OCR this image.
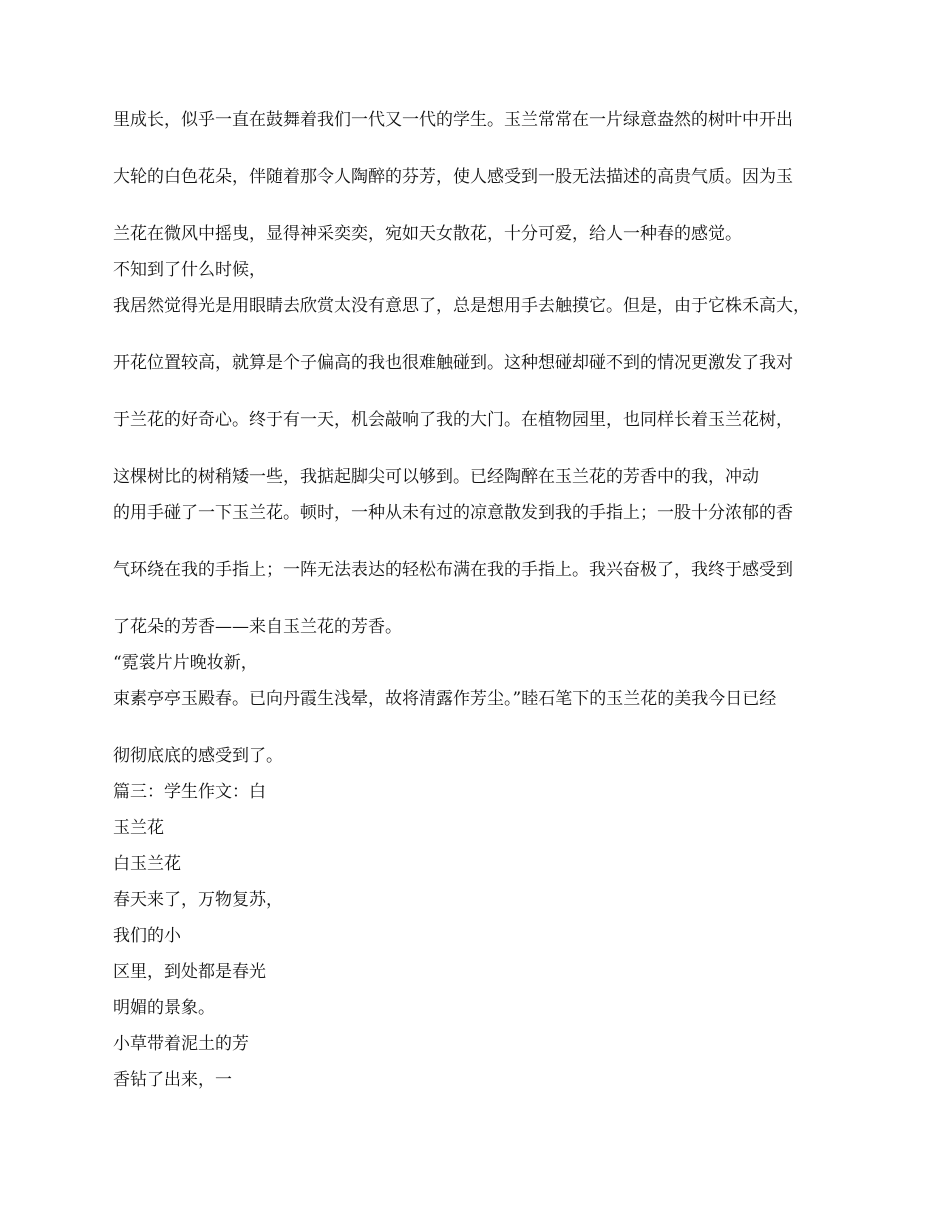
里成长，似乎一直在鼓舞着我们一代又一代的学生。玉兰常常在一片绿意盎然的树叶中开出

大轮的白色花朵，伴随着那令人陶醉的芬芳，使人感受到一股无法描述的高贵气质。因为玉

兰花在微风中摇曳，显得神采奕奕，宛如天女散花，十分可爱，给人一种春的感觉。

不知到了什么时候，

我居然觉得光是用眼睛去欣赏太没有意思了，总是想用手去触摸它。但是，由于它株禾高大，

开花位置较高，就算是个子偏高的我也很难触碰到。这种想碰却碰不到的情况更激发了我对

于兰花的好奇心。终于有一天，机会敲响了我的大门。在植物园里，也同样长着玉兰花树，

这棵树比的树稍矮一些，我掂起脚尖可以够到。已经陶醉在玉兰花的芳香中的我，冲动

的用手碰了一下玉兰花。顿时，一种从未有过的凉意散发到我的手指上；一股十分浓郁的香

气环绕在我的手指上；一阵无法表达的轻松布满在我的手指上。我兴奋极了，我终于感受到

了花朵的芳香——来自玉兰花的芳香。

“霓裳片片晚妆新，

束素亭亭玉殿春。已向丹霞生浅晕，故将清露作芳尘。”睦石笔下的玉兰花的美我今日已经

彻彻底底的感受到了。

篇三：学生作文：白

玉兰花

白玉兰花

春天来了，万物复苏，

我们的小

区里，到处都是春光

明媚的景象。

小草带着泥土的芳

香钻了出来，一
